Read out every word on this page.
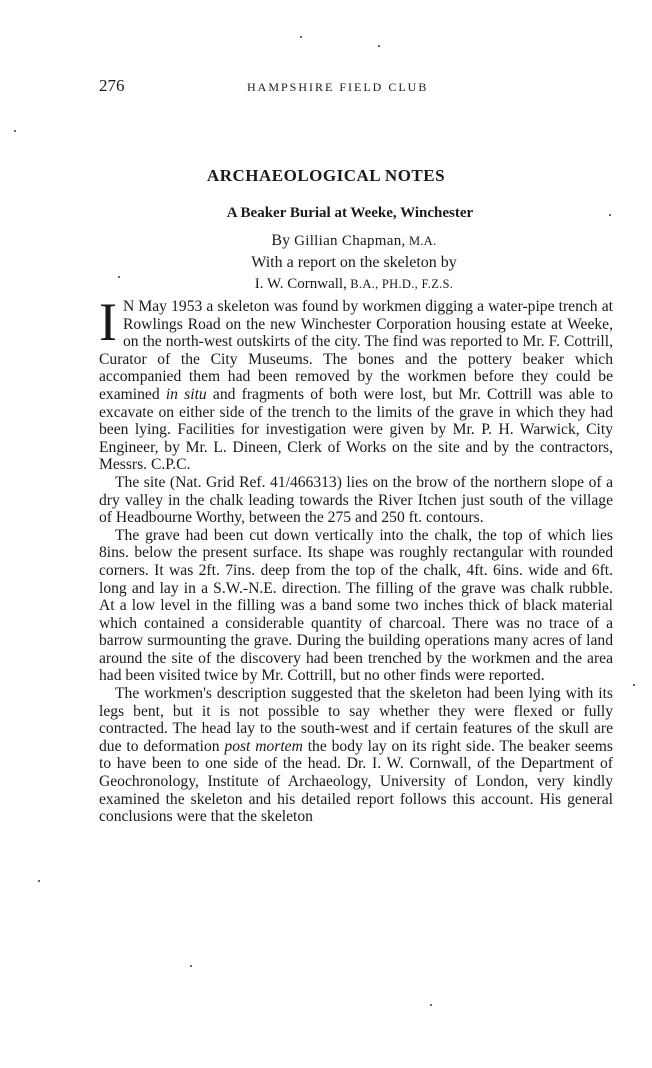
276	HAMPSHIRE FIELD CLUB
ARCHAEOLOGICAL NOTES
A Beaker Burial at Weeke, Winchester
By Gillian Chapman, M.A.
With a report on the skeleton by
I. W. Cornwall, B.A., PH.D., F.Z.S.

I N May 1953 a skeleton was found by workmen digging a water-pipe trench at Rowlings Road on the new Winchester Corporation housing estate at Weeke, on the north-west outskirts of the city. The find was reported to Mr. F. Cottrill, Curator of the City Museums. The bones and the pottery beaker which accompanied them had been removed by the workmen before they could be examined in situ and fragments of both were lost, but Mr. Cottrill was able to excavate on either side of the trench to the limits of the grave in which they had been lying. Facilities for investigation were given by Mr. P. H. Warwick, City Engineer, by Mr. L. Dineen, Clerk of Works on the site and by the contractors, Messrs. C.P.C.

The site (Nat. Grid Ref. 41/466313) lies on the brow of the northern slope of a dry valley in the chalk leading towards the River Itchen just south of the village of Headbourne Worthy, between the 275 and 250 ft. contours.

The grave had been cut down vertically into the chalk, the top of which lies 8ins. below the present surface. Its shape was roughly rectangular with rounded corners. It was 2ft. 7ins. deep from the top of the chalk, 4ft. 6ins. wide and 6ft. long and lay in a S.W.-N.E. direction. The filling of the grave was chalk rubble. At a low level in the filling was a band some two inches thick of black material which contained a considerable quantity of charcoal. There was no trace of a barrow surmounting the grave. During the building operations many acres of land around the site of the discovery had been trenched by the workmen and the area had been visited twice by Mr. Cottrill, but no other finds were reported.

The workmen's description suggested that the skeleton had been lying with its legs bent, but it is not possible to say whether they were flexed or fully contracted. The head lay to the south-west and if certain features of the skull are due to deformation post mortem the body lay on its right side. The beaker seems to have been to one side of the head. Dr. I. W. Cornwall, of the Department of Geochronology, Institute of Archaeology, University of London, very kindly examined the skeleton and his detailed report follows this account. His general conclusions were that the skeleton
